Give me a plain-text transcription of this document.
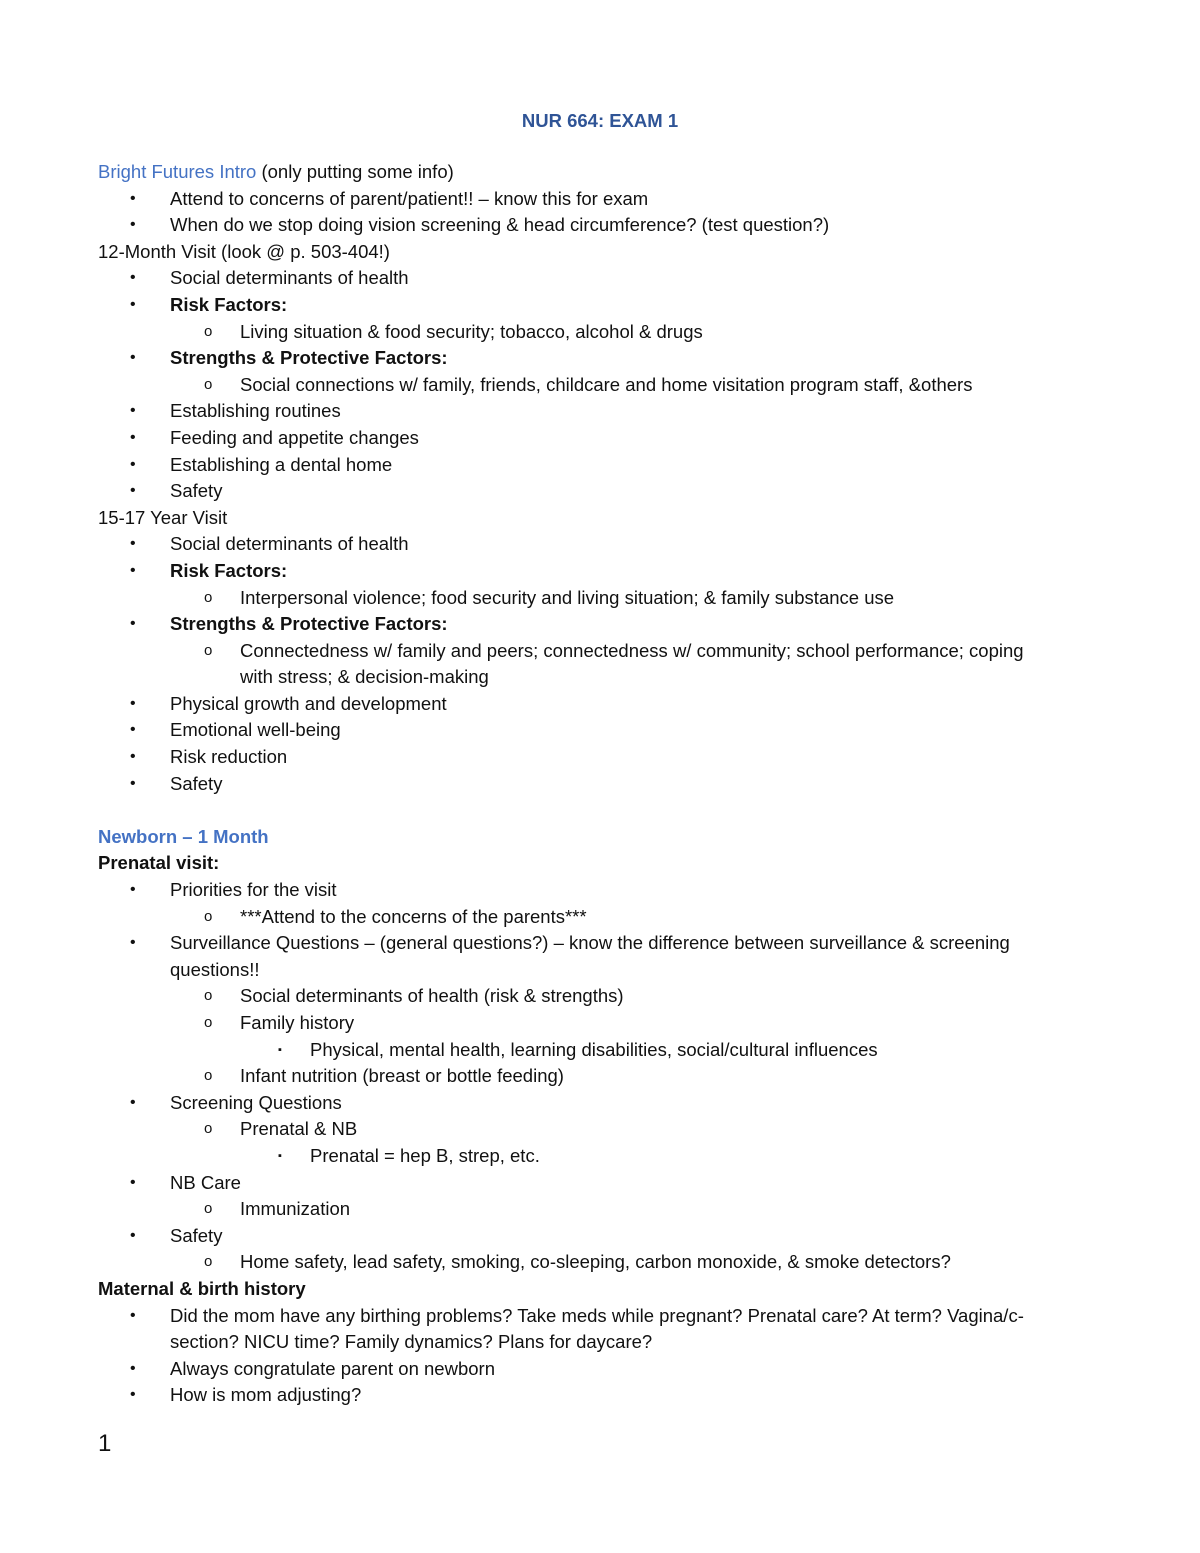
NUR 664: EXAM 1
Bright Futures Intro (only putting some info)
• Attend to concerns of parent/patient!! – know this for exam
• When do we stop doing vision screening & head circumference? (test question?)
12-Month Visit (look @ p. 503-404!)
• Social determinants of health
• Risk Factors:
o Living situation & food security; tobacco, alcohol & drugs
• Strengths & Protective Factors:
o Social connections w/ family, friends, childcare and home visitation program staff, &others
• Establishing routines
• Feeding and appetite changes
• Establishing a dental home
• Safety
15-17 Year Visit
• Social determinants of health
• Risk Factors:
o Interpersonal violence; food security and living situation; & family substance use
• Strengths & Protective Factors:
o Connectedness w/ family and peers; connectedness w/ community; school performance; coping
with stress; & decision-making
• Physical growth and development
• Emotional well-being
• Risk reduction
• Safety
Newborn – 1 Month
Prenatal visit:
• Priorities for the visit
o ***Attend to the concerns of the parents***
• Surveillance Questions – (general questions?) – know the difference between surveillance & screening
questions!!
o Social determinants of health (risk & strengths)
o Family history
▪ Physical, mental health, learning disabilities, social/cultural influences
o Infant nutrition (breast or bottle feeding)
• Screening Questions
o Prenatal & NB
▪ Prenatal = hep B, strep, etc.
• NB Care
o Immunization
• Safety
o Home safety, lead safety, smoking, co-sleeping, carbon monoxide, & smoke detectors?
Maternal & birth history
• Did the mom have any birthing problems? Take meds while pregnant? Prenatal care? At term? Vagina/c-
section? NICU time? Family dynamics? Plans for daycare?
• Always congratulate parent on newborn
• How is mom adjusting?
1
